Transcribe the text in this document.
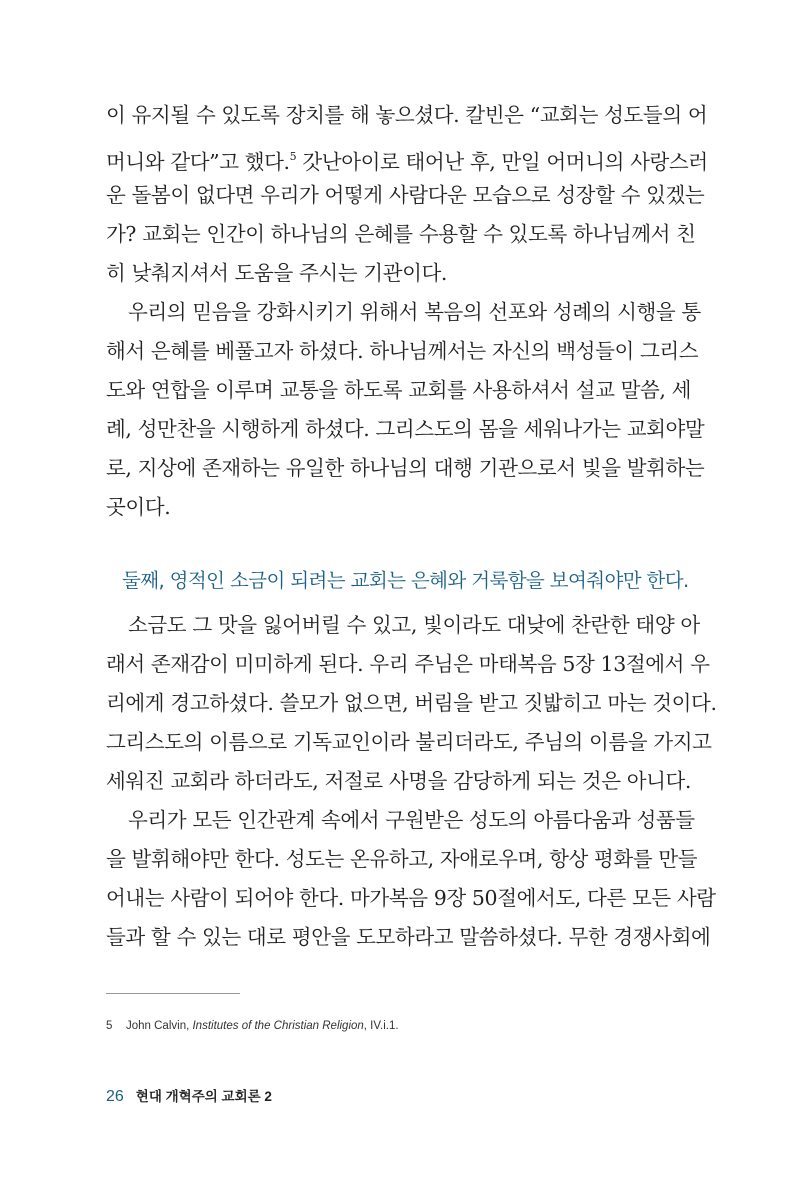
이 유지될 수 있도록 장치를 해 놓으셨다. 칼빈은 “교회는 성도들의 어
머니와 같다”고 했다.$^5$ 갓난아이로 태어난 후, 만일 어머니의 사랑스러
운 돌봄이 없다면 우리가 어떻게 사람다운 모습으로 성장할 수 있겠는
가? 교회는 인간이 하나님의 은혜를 수용할 수 있도록 하나님께서 친
히 낮춰지셔서 도움을 주시는 기관이다.
우리의 믿음을 강화시키기 위해서 복음의 선포와 성례의 시행을 통
해서 은혜를 베풀고자 하셨다. 하나님께서는 자신의 백성들이 그리스
도와 연합을 이루며 교통을 하도록 교회를 사용하셔서 설교 말씀, 세
례, 성만찬을 시행하게 하셨다. 그리스도의 몸을 세워나가는 교회야말
로, 지상에 존재하는 유일한 하나님의 대행 기관으로서 빛을 발휘하는
곳이다.
소금도 그 맛을 잃어버릴 수 있고, 빛이라도 대낮에 찬란한 태양 아
래서 존재감이 미미하게 된다. 우리 주님은 마태복음 5장 13절에서 우
리에게 경고하셨다. 쓸모가 없으면, 버림을 받고 짓밟히고 마는 것이다.
그리스도의 이름으로 기독교인이라 불리더라도, 주님의 이름을 가지고
세워진 교회라 하더라도, 저절로 사명을 감당하게 되는 것은 아니다.
우리가 모든 인간관계 속에서 구원받은 성도의 아름다움과 성품들
을 발휘해야만 한다. 성도는 온유하고, 자애로우며, 항상 평화를 만들
어내는 사람이 되어야 한다. 마가복음 9장 50절에서도, 다른 모든 사람
들과 할 수 있는 대로 평안을 도모하라고 말씀하셨다. 무한 경쟁사회에
둘째, 영적인 소금이 되려는 교회는 은혜와 거룩함을 보여줘야만 한다.
5 John Calvin, Institutes of the Christian Religion, IV.i.1.
26 현대 개혁주의 교회론 2
